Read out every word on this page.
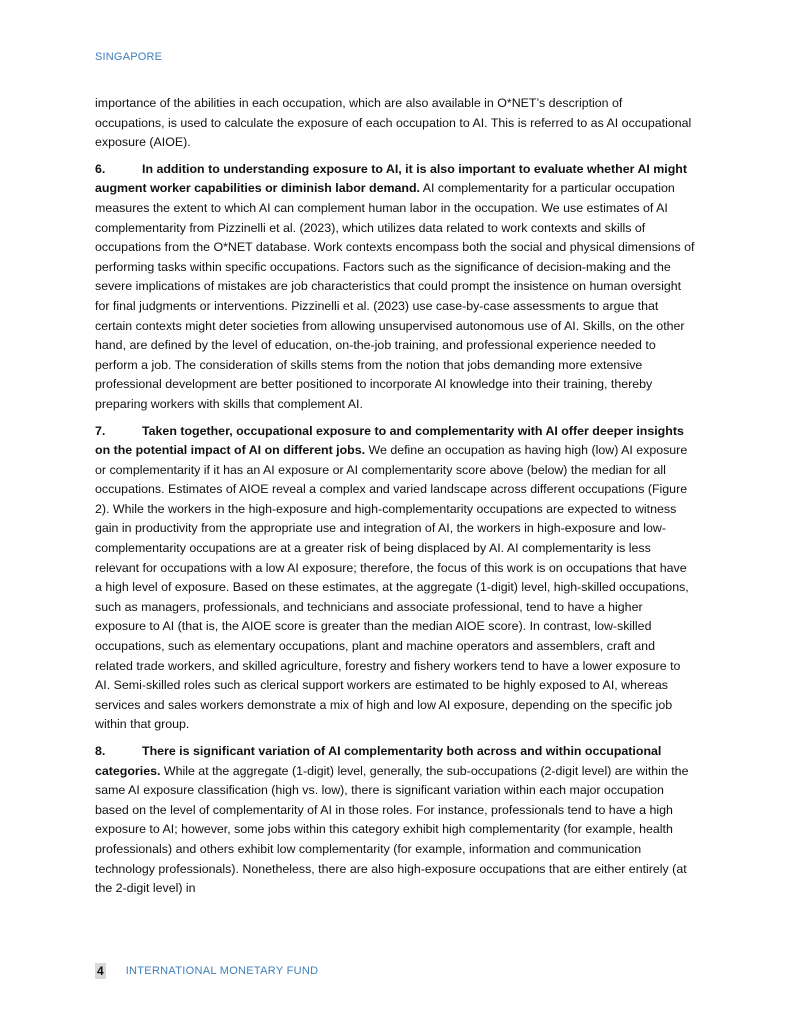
SINGAPORE

importance of the abilities in each occupation, which are also available in O*NET’s description of occupations, is used to calculate the exposure of each occupation to AI. This is referred to as AI occupational exposure (AIOE).

6.	In addition to understanding exposure to AI, it is also important to evaluate whether AI might augment worker capabilities or diminish labor demand. AI complementarity for a particular occupation measures the extent to which AI can complement human labor in the occupation. We use estimates of AI complementarity from Pizzinelli et al. (2023), which utilizes data related to work contexts and skills of occupations from the O*NET database. Work contexts encompass both the social and physical dimensions of performing tasks within specific occupations. Factors such as the significance of decision-making and the severe implications of mistakes are job characteristics that could prompt the insistence on human oversight for final judgments or interventions. Pizzinelli et al. (2023) use case-by-case assessments to argue that certain contexts might deter societies from allowing unsupervised autonomous use of AI. Skills, on the other hand, are defined by the level of education, on-the-job training, and professional experience needed to perform a job. The consideration of skills stems from the notion that jobs demanding more extensive professional development are better positioned to incorporate AI knowledge into their training, thereby preparing workers with skills that complement AI.

7.	Taken together, occupational exposure to and complementarity with AI offer deeper insights on the potential impact of AI on different jobs. We define an occupation as having high (low) AI exposure or complementarity if it has an AI exposure or AI complementarity score above (below) the median for all occupations. Estimates of AIOE reveal a complex and varied landscape across different occupations (Figure 2). While the workers in the high-exposure and high-complementarity occupations are expected to witness gain in productivity from the appropriate use and integration of AI, the workers in high-exposure and low-complementarity occupations are at a greater risk of being displaced by AI. AI complementarity is less relevant for occupations with a low AI exposure; therefore, the focus of this work is on occupations that have a high level of exposure. Based on these estimates, at the aggregate (1-digit) level, high-skilled occupations, such as managers, professionals, and technicians and associate professional, tend to have a higher exposure to AI (that is, the AIOE score is greater than the median AIOE score). In contrast, low-skilled occupations, such as elementary occupations, plant and machine operators and assemblers, craft and related trade workers, and skilled agriculture, forestry and fishery workers tend to have a lower exposure to AI. Semi-skilled roles such as clerical support workers are estimated to be highly exposed to AI, whereas services and sales workers demonstrate a mix of high and low AI exposure, depending on the specific job within that group.

8.	There is significant variation of AI complementarity both across and within occupational categories. While at the aggregate (1-digit) level, generally, the sub-occupations (2-digit level) are within the same AI exposure classification (high vs. low), there is significant variation within each major occupation based on the level of complementarity of AI in those roles. For instance, professionals tend to have a high exposure to AI; however, some jobs within this category exhibit high complementarity (for example, health professionals) and others exhibit low complementarity (for example, information and communication technology professionals). Nonetheless, there are also high-exposure occupations that are either entirely (at the 2-digit level) in

4 INTERNATIONAL MONETARY FUND
